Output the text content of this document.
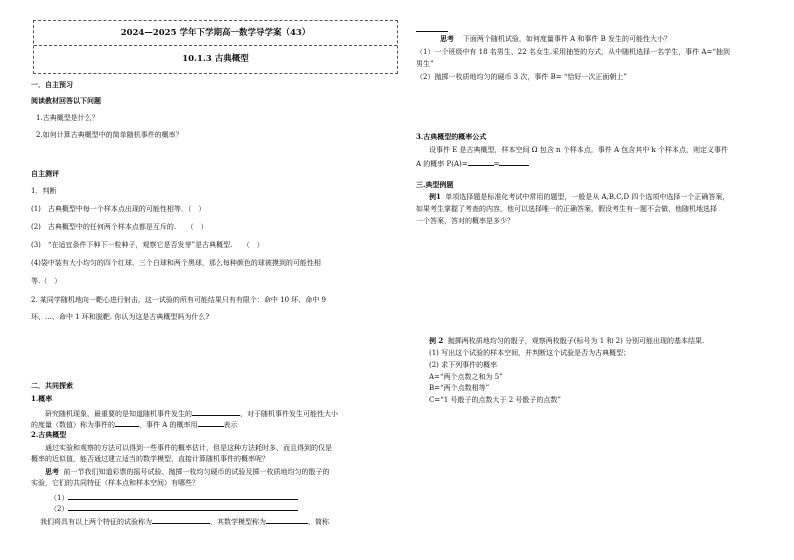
2024—2025 学年下学期高一数学导学案（43）
10.1.3 古典概型
一．自主预习
阅读教材回答以下问题
1.古典概型是什么？
2.如何计算古典概型中的简单随机事件的概率？
自主测评
1．判断
(1)　古典概型中每一个样本点出现的可能性相等．（　）
(2)　古典概型中的任何两个样本点都是互斥的.　　（　）
(3)　“在适宜条件下种下一粒种子，观察它是否发芽”是古典概型.　　（　）
(4)袋中装有大小均匀的四个红球、三个白球和两个黑球，那么每种颜色的球被摸到的可能性相
等.（　）
2. 某同学随机地向一靶心进行射击，这一试验的所有可能结果只有有限个：命中 10 环、命中 9
环、…、命中 1 环和脱靶. 你认为这是古典概型吗为什么?
二．共同探索
1.概率
研究随机现象，最重要的是知道随机事件发生的	，对于随机事件发生可能性大小
的度量（数值）称为事件的	，事件 A 的概率用	表示
2.古典概型
通过实验和观察的方法可以得到一些事件的概率估计，但是这种方法耗时多，而且得到的仅是
概率的近似值，能否通过建立适当的数学模型，直接计算随机事件的概率呢？
思考 前一节我们知道彩票的摇号试验、抛掷一枚均匀硬币的试验及掷一枚质地均匀的骰子的
实验，它们的共同特征（样本点和样本空间）有哪些？
（1）
（2）
我们将具有以上两个特征的试验称为	，其数学模型称为	，简称
思考 下面两个随机试验，如何度量事件 A 和事件 B 发生的可能性大小？
（1）一个班级中有 18 名男生、22 名女生.采用抽签的方式，从中随机选择一名学生，事件 A=“抽到
男生”
（2）抛掷一枚质地均匀的硬币 3 次，事件 B= “恰好一次正面朝上”
3.古典概型的概率公式
设事件 E 是古典概型，样本空间 Ω 包含 n 个样本点，事件 A 包含其中 k 个样本点，则定义事件
A 的概率 P(A)=	=
三.典型例题
例1 单项选择题是标准化考试中常用的题型，一般是从 A,B,C,D 四个选项中选择一个正确答案，
如果考生掌握了考查的内容，他可以选择唯一的正确答案，假设考生有一题不会做，他随机地选择
一个答案，答对的概率是多少？
例 2 抛掷两枚质地均匀的骰子，观察两枚骰子(标号为 1 和 2) 分别可能出现的基本结果.
(1) 写出这个试验的样本空间，并判断这个试验是否为古典概型；
(2) 求下列事件的概率
A=“两个点数之和为 5”
B=“两个点数相等”
C=“1 号骰子的点数大于 2 号骰子的点数”
